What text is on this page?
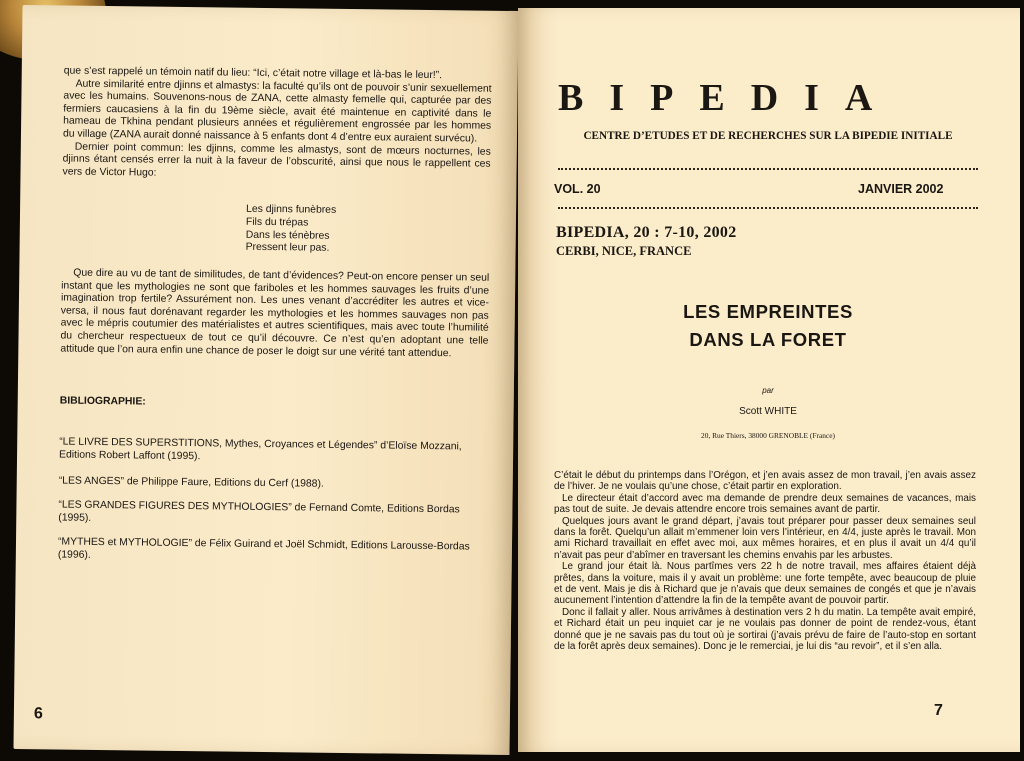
que s’est rappelé un témoin natif du lieu: “Ici, c’était notre village et là-bas le leur!”.

Autre similarité entre djinns et almastys: la faculté qu’ils ont de pouvoir s’unir sexuellement avec les humains. Souvenons-nous de ZANA, cette almasty femelle qui, capturée par des fermiers caucasiens à la fin du 19ème siècle, avait été maintenue en captivité dans le hameau de Tkhina pendant plusieurs années et régulièrement engrossée par les hommes du village (ZANA aurait donné naissance à 5 enfants dont 4 d’entre eux auraient survécu).

Dernier point commun: les djinns, comme les almastys, sont de mœurs nocturnes, les djinns étant censés errer la nuit à la faveur de l’obscurité, ainsi que nous le rappellent ces vers de Victor Hugo:

Les djinns funèbres
Fils du trépas
Dans les ténèbres
Pressent leur pas.

Que dire au vu de tant de similitudes, de tant d’évidences? Peut-on encore penser un seul instant que les mythologies ne sont que fariboles et les hommes sauvages les fruits d’une imagination trop fertile? Assurément non. Les unes venant d’accréditer les autres et vice-versa, il nous faut dorénavant regarder les mythologies et les hommes sauvages non pas avec le mépris coutumier des matérialistes et autres scientifiques, mais avec toute l’humilité du chercheur respectueux de tout ce qu’il découvre. Ce n’est qu’en adoptant une telle attitude que l’on aura enfin une chance de poser le doigt sur une vérité tant attendue.

BIBLIOGRAPHIE:
“LE LIVRE DES SUPERSTITIONS, Mythes, Croyances et Légendes” d’Eloïse Mozzani, Editions Robert Laffont (1995).
“LES ANGES” de Philippe Faure, Editions du Cerf (1988).
“LES GRANDES FIGURES DES MYTHOLOGIES” de Fernand Comte, Editions Bordas (1995).
“MYTHES et MYTHOLOGIE” de Félix Guirand et Joël Schmidt, Editions Larousse-Bordas (1996).
6
BIPEDIA
CENTRE D’ETUDES ET DE RECHERCHES SUR LA BIPEDIE INITIALE
VOL. 20	JANVIER 2002
BIPEDIA, 20 : 7-10, 2002
CERBI, NICE, FRANCE
LES EMPREINTES
DANS LA FORET
par
Scott WHITE
20, Rue Thiers, 38000 GRENOBLE (France)

C’était le début du printemps dans l’Orégon, et j’en avais assez de mon travail, j’en avais assez de l’hiver. Je ne voulais qu’une chose, c’était partir en exploration.

Le directeur était d’accord avec ma demande de prendre deux semaines de vacances, mais pas tout de suite. Je devais attendre encore trois semaines avant de partir.

Quelques jours avant le grand départ, j’avais tout préparer pour passer deux semaines seul dans la forêt. Quelqu’un allait m’emmener loin vers l’intérieur, en 4/4, juste après le travail. Mon ami Richard travaillait en effet avec moi, aux mêmes horaires, et en plus il avait un 4/4 qu’il n’avait pas peur d’abîmer en traversant les chemins envahis par les arbustes.

Le grand jour était là. Nous partîmes vers 22 h de notre travail, mes affaires étaient déjà prêtes, dans la voiture, mais il y avait un problème: une forte tempête, avec beaucoup de pluie et de vent. Mais je dis à Richard que je n’avais que deux semaines de congés et que je n’avais aucunement l’intention d’attendre la fin de la tempête avant de pouvoir partir.

Donc il fallait y aller. Nous arrivâmes à destination vers 2 h du matin. La tempête avait empiré, et Richard était un peu inquiet car je ne voulais pas donner de point de rendez-vous, étant donné que je ne savais pas du tout où je sortirai (j’avais prévu de faire de l’auto-stop en sortant de la forêt après deux semaines). Donc je le remerciai, je lui dis “au revoir”, et il s’en alla.

7
